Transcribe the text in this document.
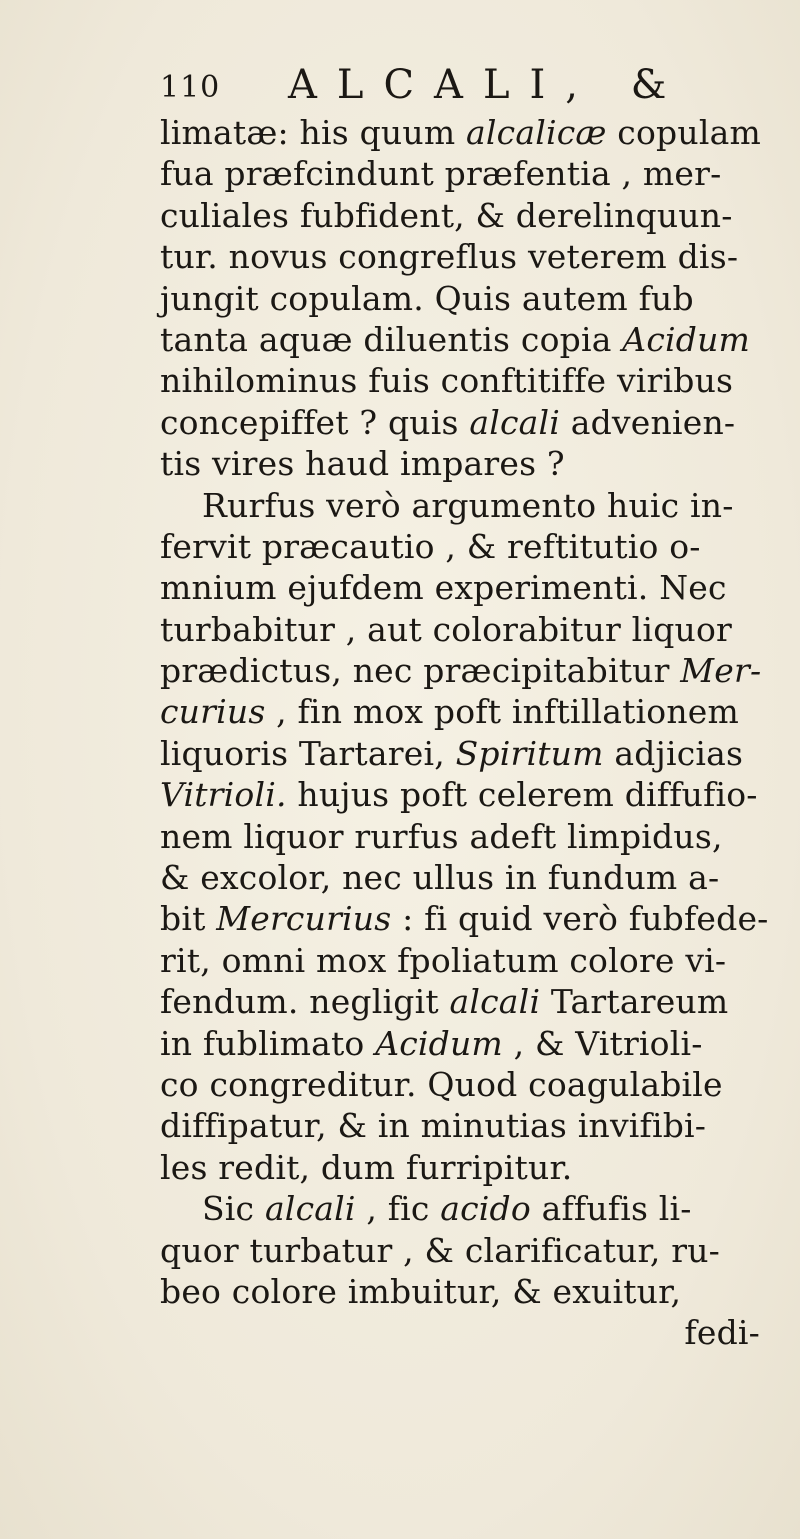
110 ALCALI, &
limatæ: his quum alcalicæ copulam
fua præfcindunt præfentia , mer-
culiales fubfident, & derelinquun-
tur. novus congreflus veterem dis-
jungit copulam. Quis autem fub
tanta aquæ diluentis copia Acidum
nihilominus fuis conftitiffe viribus
concepiffet ? quis alcali advenien-
tis vires haud impares ?
Rurfus verò argumento huic in-
fervit præcautio , & reftitutio o-
mnium ejufdem experimenti. Nec
turbabitur , aut colorabitur liquor
prædictus, nec præcipitabitur Mer-
curius , fin mox poft inftillationem
liquoris Tartarei, Spiritum adjicias
Vitrioli. hujus poft celerem diffufio-
nem liquor rurfus adeft limpidus,
& excolor, nec ullus in fundum a-
bit Mercurius : fi quid verò fubfede-
rit, omni mox fpoliatum colore vi-
fendum. negligit alcali Tartareum
in fublimato Acidum , & Vitrioli-
co congreditur. Quod coagulabile
diffipatur, & in minutias invifibi-
les redit, dum furripitur.
Sic alcali , fic acido affufis li-
quor turbatur , & clarificatur, ru-
beo colore imbuitur, & exuitur,
fedi-
